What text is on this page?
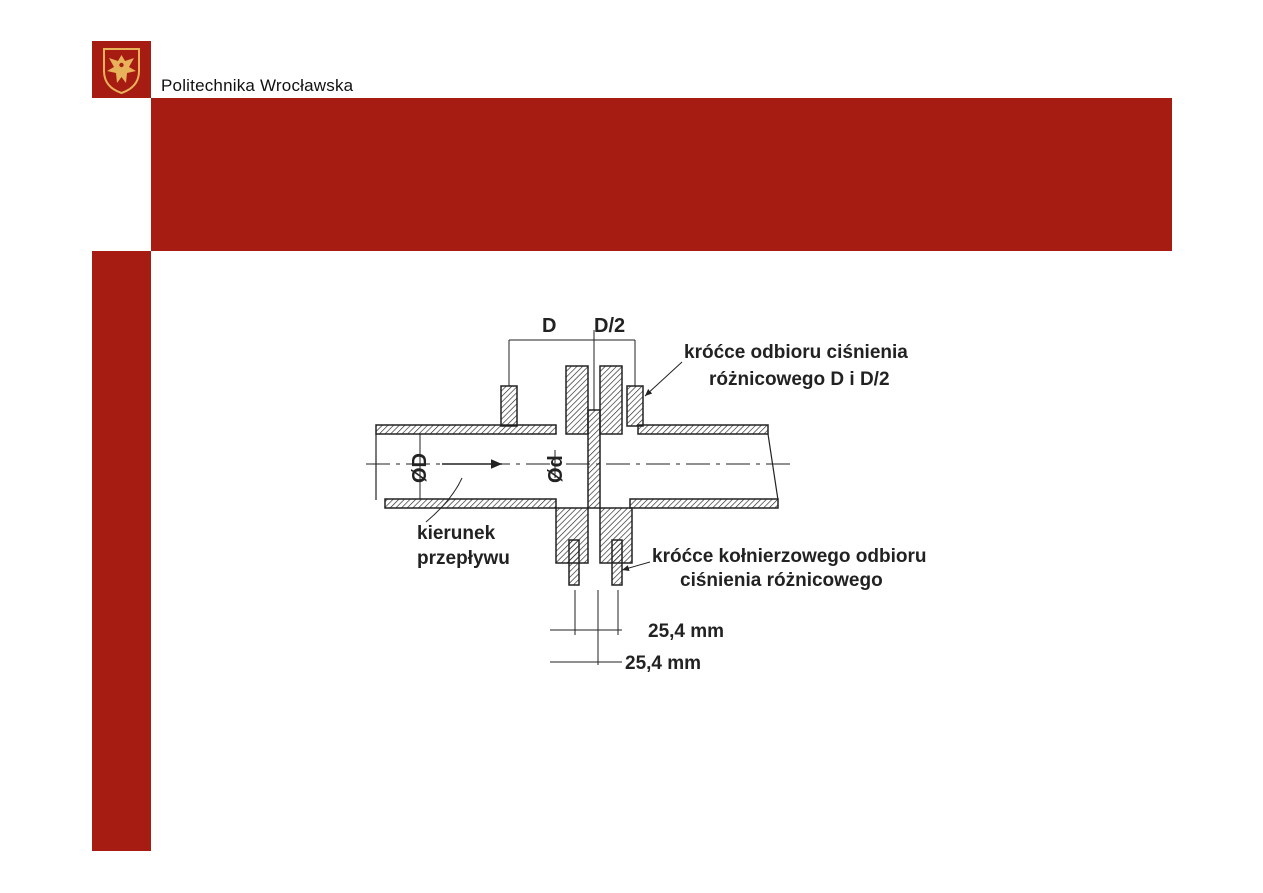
Politechnika Wrocławska
D D/2
ØD	Ød
króćce odbioru ciśnienia
różnicowego D i D/2
kierunek
przepływu	króćce kołnierzowego odbioru
ciśnienia różnicowego
25,4 mm
25,4 mm
